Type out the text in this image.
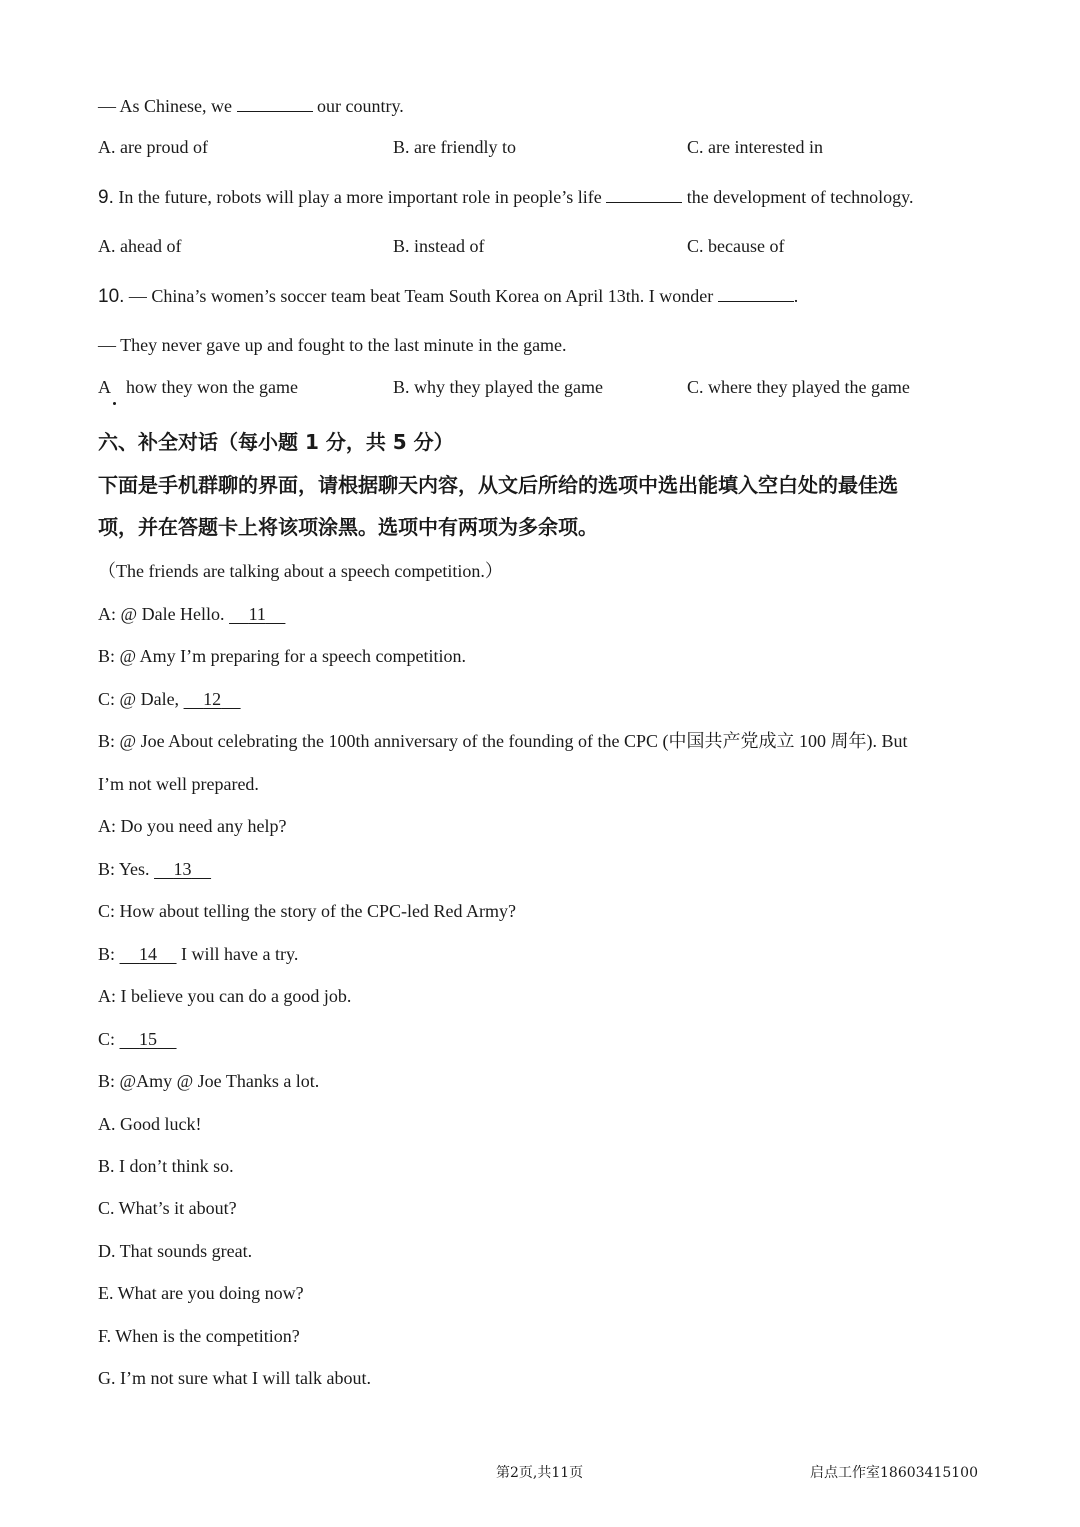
— As Chinese, we	our country.
A. are proud of	B. are friendly to	C. are interested in
9. In the future, robots will play a more important role in people’s life	the development of technology.
A. ahead of	B. instead of	C. because of
10. — China’s women’s soccer team beat Team South Korea on April 13th. I wonder	.
— They never gave up and fought to the last minute in the game.
A how they won the game	B. why they played the game	C. where they played the game
六、补全对话（每小题 1 分，共 5 分）
下面是手机群聊的界面，请根据聊天内容，从文后所给的选项中选出能填入空白处的最佳选
项，并在答题卡上将该项涂黑。选项中有两项为多余项。
（The friends are talking about a speech competition.）
A: @ Dale Hello.   11  
B: @ Amy I’m preparing for a speech competition.
C: @ Dale,   12  
B: @ Joe About celebrating the 100th anniversary of the founding of the CPC (中国共产党成立 100 周年). But
I’m not well prepared.
A: Do you need any help?
B: Yes.   13  
C: How about telling the story of the CPC-led Red Army?
B:   14   I will have a try.
A: I believe you can do a good job.
C:   15  
B: @Amy @ Joe Thanks a lot.
A. Good luck!
B. I don’t think so.
C. What’s it about?
D. That sounds great.
E. What are you doing now?
F. When is the competition?
G. I’m not sure what I will talk about.
第2页,共11页	启点工作室18603415100
